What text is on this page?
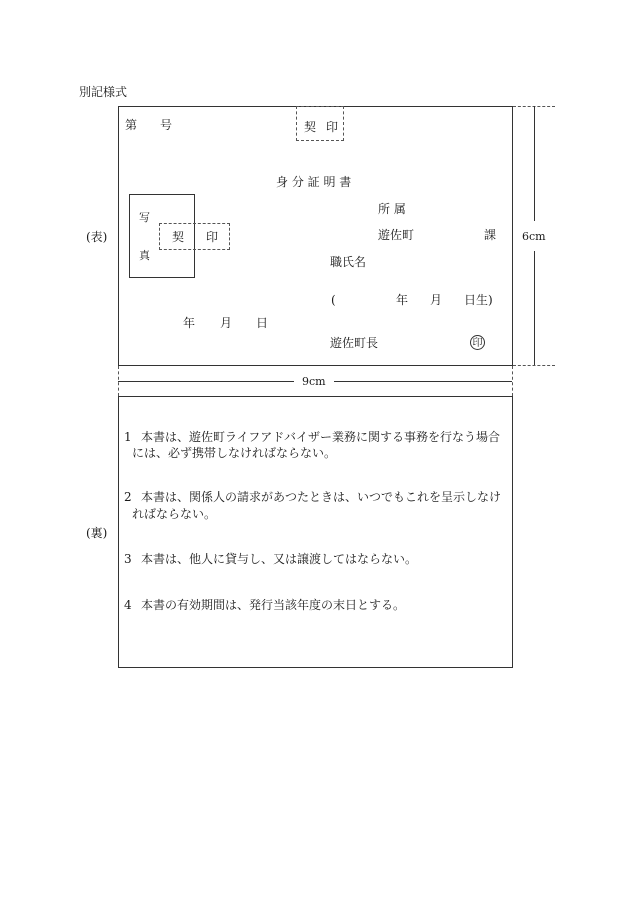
別記様式
(表)
(裏)
第 号	契 印
身 分 証 明 書
写
真
契 印
所 属
遊佐町	課
職氏名
(	年 月 日生)
年 月 日
遊佐町長	印
6cm
9cm
1 本書は、遊佐町ライフアドバイザー業務に関する事務を行なう場合
には、必ず携帯しなければならない。
2 本書は、関係人の請求があつたときは、いつでもこれを呈示しなけ
ればならない。
3 本書は、他人に貸与し、又は譲渡してはならない。
4 本書の有効期間は、発行当該年度の末日とする。
